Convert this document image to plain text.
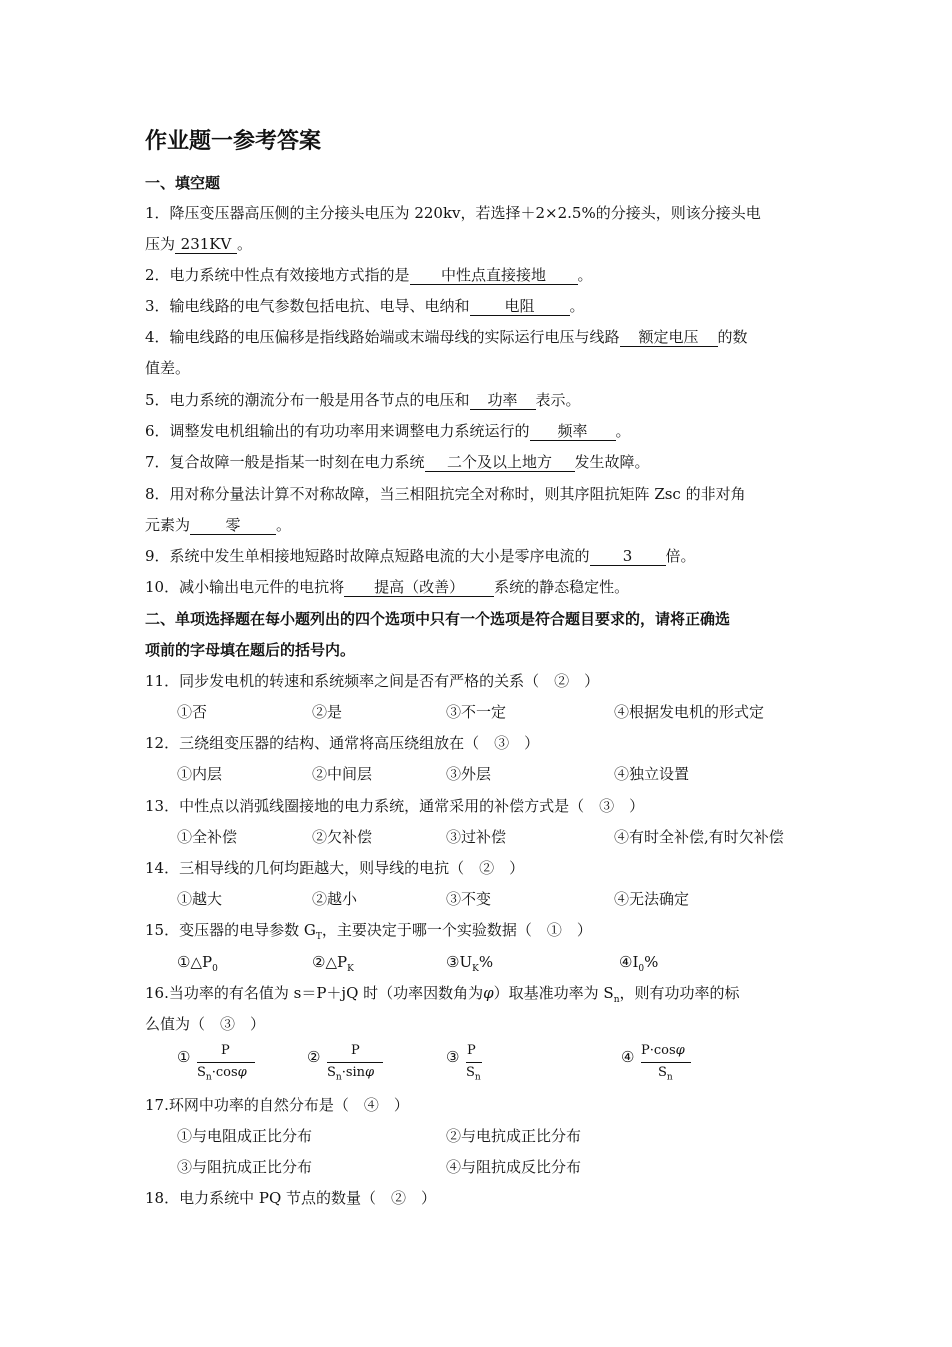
作业题一参考答案
一、填空题
1．降压变压器高压侧的主分接头电压为 220kv，若选择＋2×2.5%的分接头，则该分接头电
压为 231KV 。
2．电力系统中性点有效接地方式指的是 中性点直接接地 。
3．输电线路的电气参数包括电抗、电导、电纳和 电阻 。
4．输电线路的电压偏移是指线路始端或末端母线的实际运行电压与线路 额定电压 的数
值差。
5．电力系统的潮流分布一般是用各节点的电压和 功率 表示。
6．调整发电机组输出的有功功率用来调整电力系统运行的 频率 。
7．复合故障一般是指某一时刻在电力系统 二个及以上地方 发生故障。
8．用对称分量法计算不对称故障，当三相阻抗完全对称时，则其序阻抗矩阵 Zsc 的非对角
元素为 零 。
9．系统中发生单相接地短路时故障点短路电流的大小是零序电流的 3 倍。
10．减小输出电元件的电抗将 提高（改善） 系统的静态稳定性。
二、单项选择题在每小题列出的四个选项中只有一个选项是符合题目要求的，请将正确选
项前的字母填在题后的括号内。
11．同步发电机的转速和系统频率之间是否有严格的关系（　②　）
①否	②是	③不一定	④根据发电机的形式定
12．三绕组变压器的结构、通常将高压绕组放在（　③　）
①内层	②中间层	③外层	④独立设置
13．中性点以消弧线圈接地的电力系统，通常采用的补偿方式是（　③　）
①全补偿	②欠补偿	③过补偿	④有时全补偿,有时欠补偿
14．三相导线的几何均距越大，则导线的电抗（　②　）
①越大	②越小	③不变	④无法确定
15．变压器的电导参数 $G_T$，主要决定于哪一个实验数据（　①　）
$①\triangle P_0$	$②\triangle P_K$	$③U_K\%$	$④I_0\%$
16.当功率的有名值为 s＝P＋jQ 时（功率因数角为φ）取基准功率为 $S_n$，则有功功率的标
么值为（　③　）
① P
$S_n\cdot\cos\varphi$
② P
$S_n\cdot\sin\varphi$
③ P
$S_n$
④ P·cosφ
$S_n$
17.环网中功率的自然分布是（　④　）
①与电阻成正比分布	②与电抗成正比分布
③与阻抗成正比分布	④与阻抗成反比分布
18．电力系统中 PQ 节点的数量（　②　）
